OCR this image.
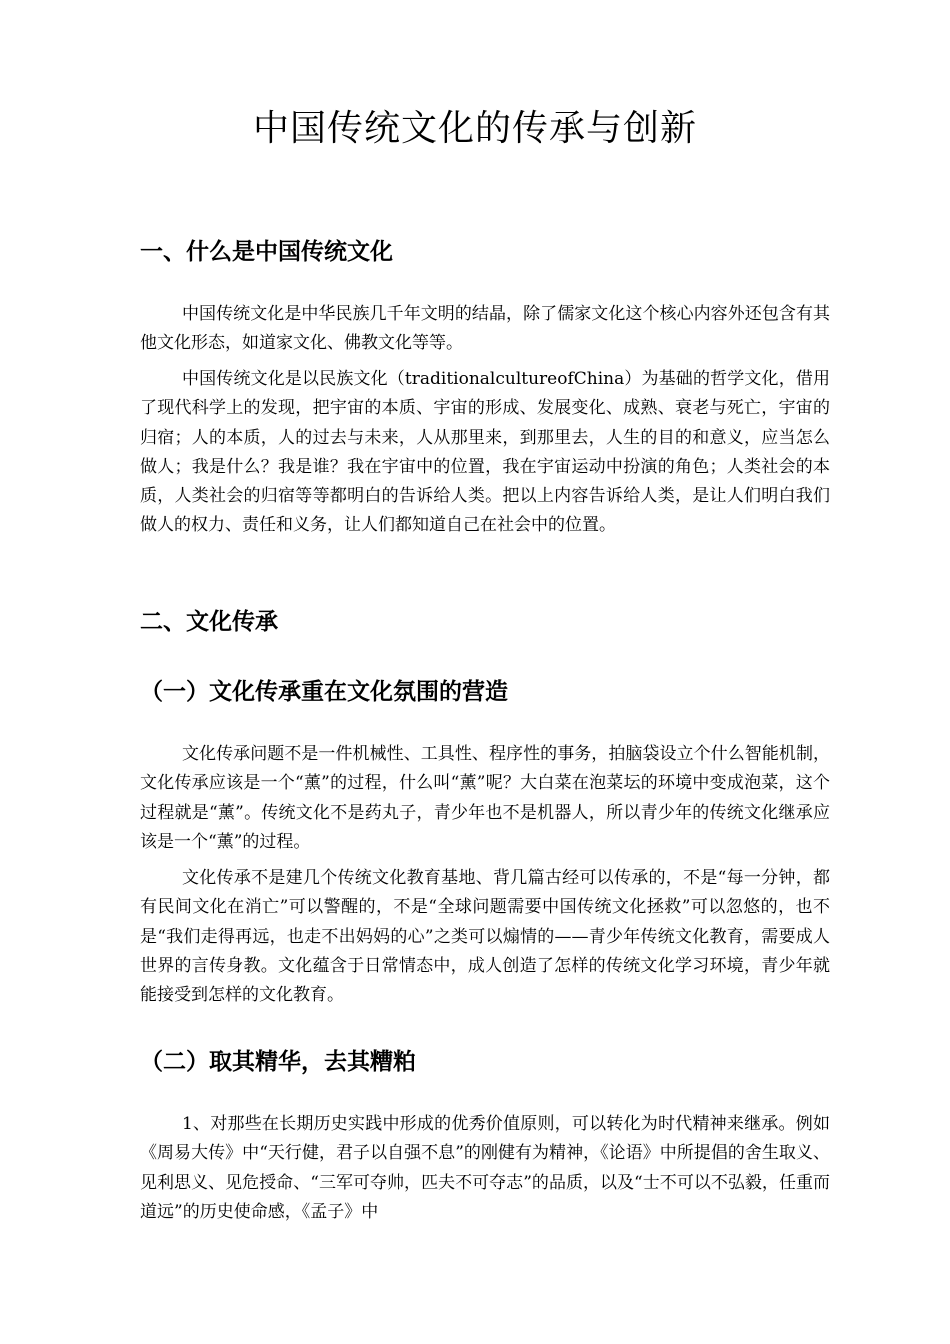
中国传统文化的传承与创新
一、什么是中国传统文化

中国传统文化是中华民族几千年文明的结晶，除了儒家文化这个核心内容外还包含有其他文化形态，如道家文化、佛教文化等等。

中国传统文化是以民族文化（traditionalcultureofChina）为基础的哲学文化，借用了现代科学上的发现，把宇宙的本质、宇宙的形成、发展变化、成熟、衰老与死亡，宇宙的归宿；人的本质，人的过去与未来，人从那里来，到那里去，人生的目的和意义，应当怎么做人；我是什么？我是谁？我在宇宙中的位置，我在宇宙运动中扮演的角色；人类社会的本质，人类社会的归宿等等都明白的告诉给人类。把以上内容告诉给人类，是让人们明白我们做人的权力、责任和义务，让人们都知道自己在社会中的位置。

二、文化传承
（一）文化传承重在文化氛围的营造

文化传承问题不是一件机械性、工具性、程序性的事务，拍脑袋设立个什么智能机制，文化传承应该是一个“薰”的过程，什么叫“薰”呢？大白菜在泡菜坛的环境中变成泡菜，这个过程就是“薰”。传统文化不是药丸子，青少年也不是机器人，所以青少年的传统文化继承应该是一个“薰”的过程。

文化传承不是建几个传统文化教育基地、背几篇古经可以传承的，不是“每一分钟，都有民间文化在消亡”可以警醒的，不是“全球问题需要中国传统文化拯救”可以忽悠的，也不是“我们走得再远，也走不出妈妈的心”之类可以煽情的——青少年传统文化教育，需要成人世界的言传身教。文化蕴含于日常情态中，成人创造了怎样的传统文化学习环境，青少年就能接受到怎样的文化教育。

（二）取其精华，去其糟粕

1、对那些在长期历史实践中形成的优秀价值原则，可以转化为时代精神来继承。例如《周易大传》中“天行健，君子以自强不息”的刚健有为精神，《论语》中所提倡的舍生取义、见利思义、见危授命、“三军可夺帅，匹夫不可夺志”的品质，以及“士不可以不弘毅，任重而道远”的历史使命感，《孟子》中
